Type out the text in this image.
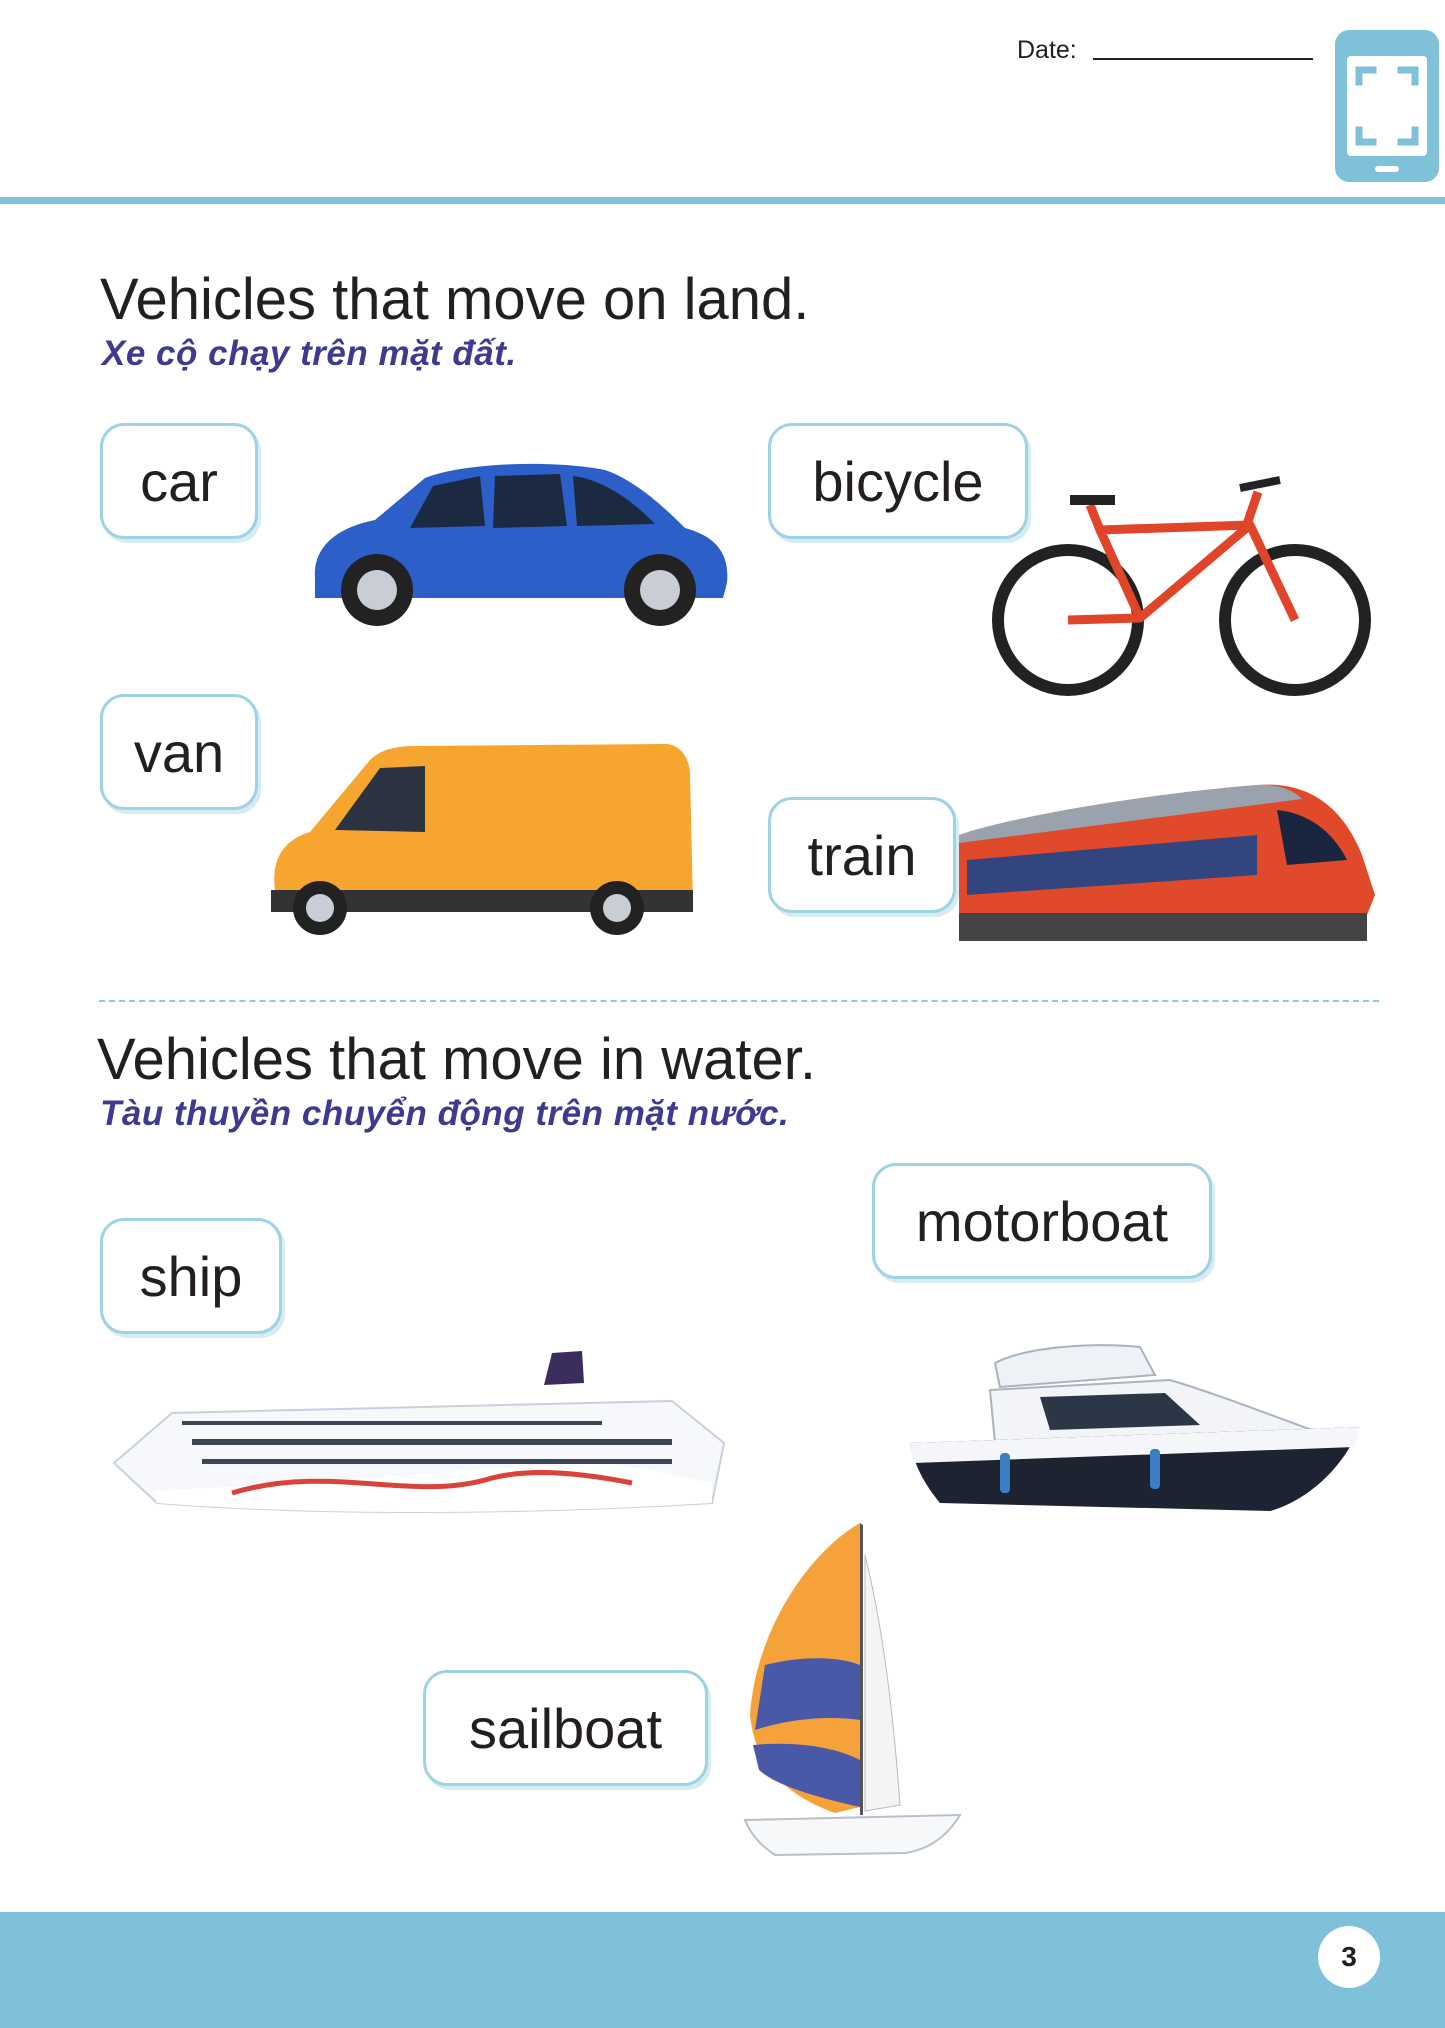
Date:
Vehicles that move on land.
Xe cộ chạy trên mặt đất.
car	bicycle
van
train
Vehicles that move in water.
Tàu thuyền chuyển động trên mặt nước.
ship
motorboat
sailboat
3
